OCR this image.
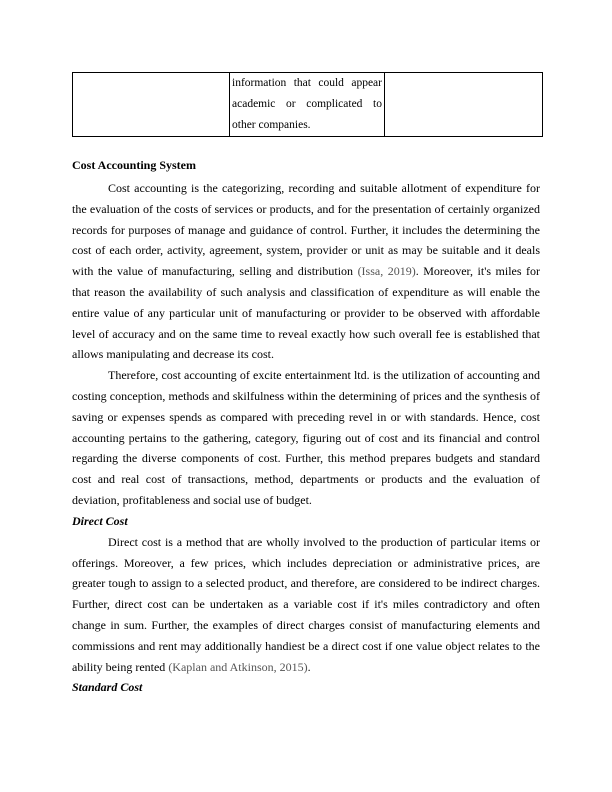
	information that could appear academic or complicated to other companies.	
Cost Accounting System

Cost accounting is the categorizing, recording and suitable allotment of expenditure for the evaluation of the costs of services or products, and for the presentation of certainly organized records for purposes of manage and guidance of control. Further, it includes the determining the cost of each order, activity, agreement, system, provider or unit as may be suitable and it deals with the value of manufacturing, selling and distribution (Issa, 2019). Moreover, it's miles for that reason the availability of such analysis and classification of expenditure as will enable the entire value of any particular unit of manufacturing or provider to be observed with affordable level of accuracy and on the same time to reveal exactly how such overall fee is established that allows manipulating and decrease its cost.

Therefore, cost accounting of excite entertainment ltd. is the utilization of accounting and costing conception, methods and skilfulness within the determining of prices and the synthesis of saving or expenses spends as compared with preceding revel in or with standards. Hence, cost accounting pertains to the gathering, category, figuring out of cost and its financial and control regarding the diverse components of cost. Further, this method prepares budgets and standard cost and real cost of transactions, method, departments or products and the evaluation of deviation, profitableness and social use of budget.

Direct Cost

Direct cost is a method that are wholly involved to the production of particular items or offerings. Moreover, a few prices, which includes depreciation or administrative prices, are greater tough to assign to a selected product, and therefore, are considered to be indirect charges. Further, direct cost can be undertaken as a variable cost if it's miles contradictory and often change in sum. Further, the examples of direct charges consist of manufacturing elements and commissions and rent may additionally handiest be a direct cost if one value object relates to the ability being rented (Kaplan and Atkinson, 2015).

Standard Cost
